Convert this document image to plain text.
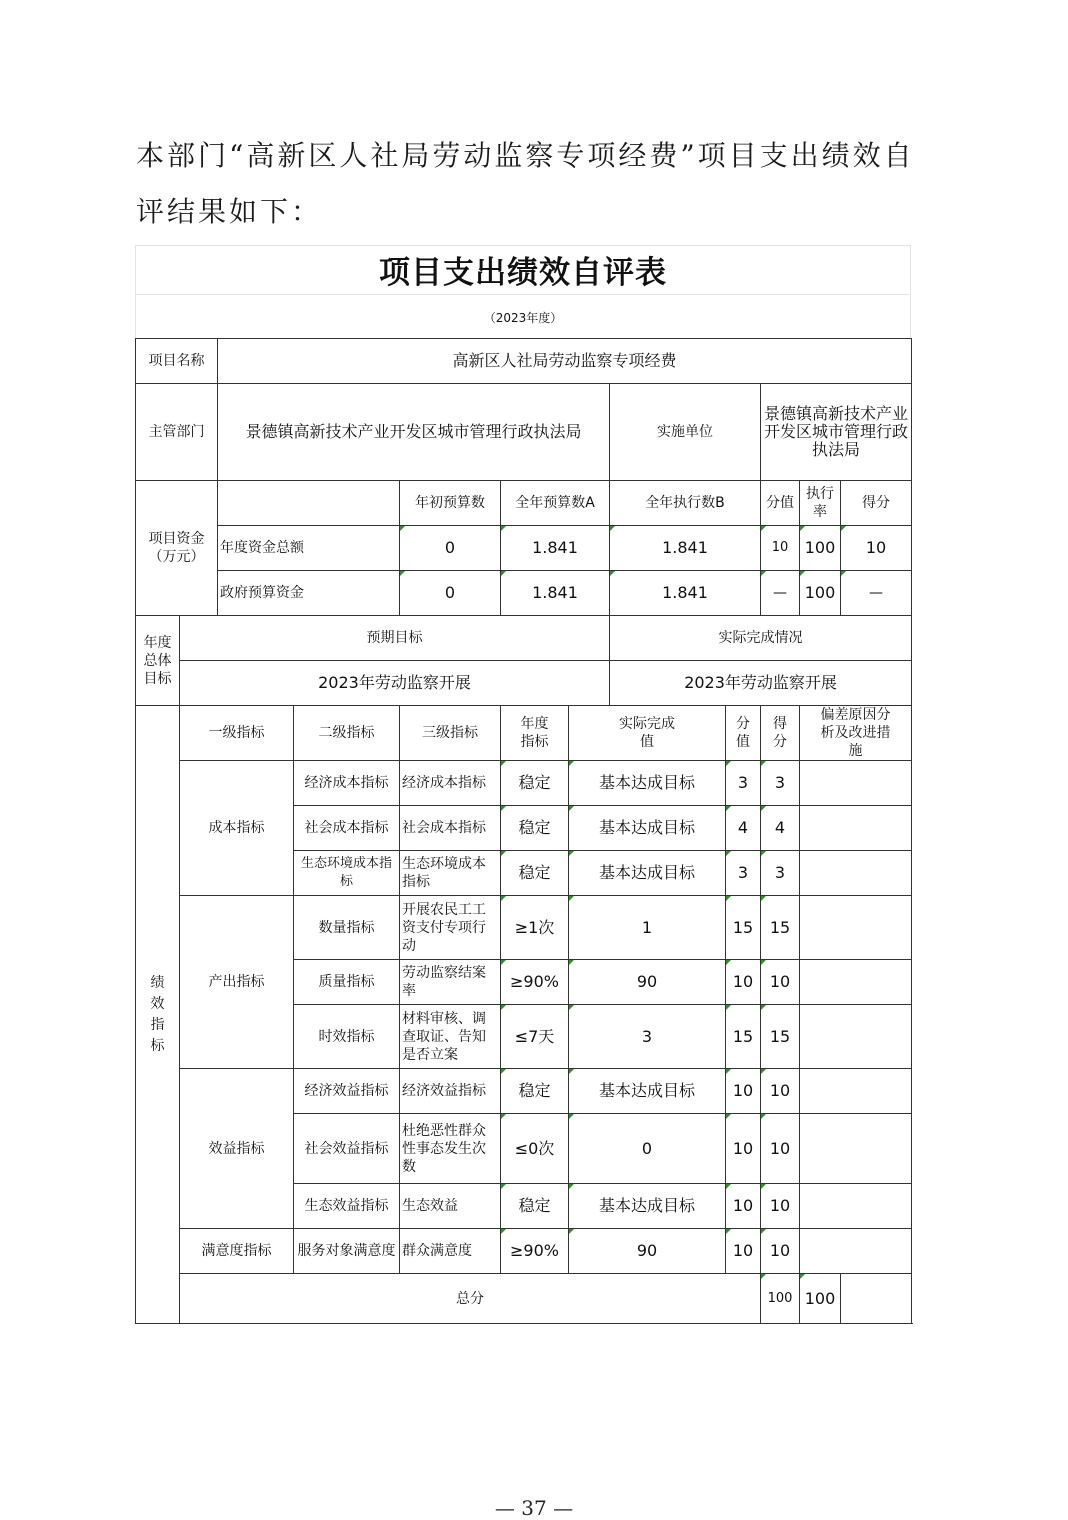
本部门“高新区人社局劳动监察专项经费”项目支出绩效自评结果如下：
项目支出绩效自评表
（2023年度）
项目名称		高新区人社局劳动监察专项经费									
主管部门		景德镇高新技术产业开发区城市管理行政执法局					实施单位		景德镇高新技术产业开发区城市管理行政执法局		
项目资金（万元）				年初预算数	全年预算数A		全年执行数B		分值	执行率	得分
		年度资金总额		0	1.841		1.841		10	100	10
		政府预算资金		0	1.841		1.841		—	100	—
年度总体目标	预期目标						实际完成情况				
	2023年劳动监察开展						2023年劳动监察开展				
绩效指标	一级指标		二级指标	三级指标	年度指标	实际完成值		分值	得分	偏差原因分析及改进措施	
	成本指标		经济成本指标	经济成本指标	稳定	基本达成目标		3	3		
			社会成本指标	社会成本指标	稳定	基本达成目标		4	4		
			生态环境成本指标	生态环境成本指标	稳定	基本达成目标		3	3		
	产出指标		数量指标	开展农民工工资支付专项行动	≥1次	1		15	15		
			质量指标	劳动监察结案率	≥90%	90		10	10		
			时效指标	材料审核、调查取证、告知是否立案	≤7天	3		15	15		
	效益指标		经济效益指标	经济效益指标	稳定	基本达成目标		10	10		
			社会效益指标	杜绝恶性群众性事态发生次数	≤0次	0		10	10		
			生态效益指标	生态效益	稳定	基本达成目标		10	10		
	满意度指标		服务对象满意度	群众满意度	≥90%	90		10	10		
	总分								100	100	
— 37 —
